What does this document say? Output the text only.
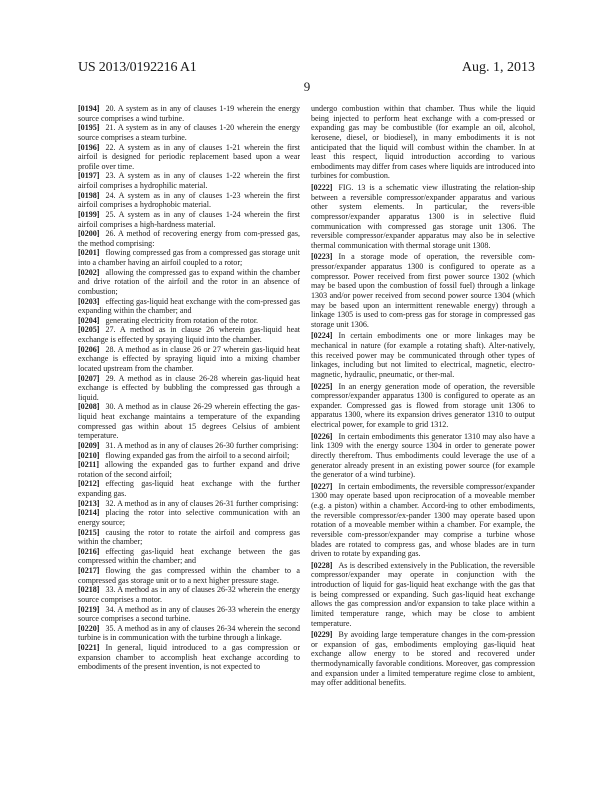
US 2013/0192216 A1	Aug. 1, 2013
9

[0194] 20. A system as in any of clauses 1-19 wherein the energy source comprises a wind turbine.

[0195] 21. A system as in any of clauses 1-20 wherein the energy source comprises a steam turbine.

[0196] 22. A system as in any of clauses 1-21 wherein the first airfoil is designed for periodic replacement based upon a wear profile over time.

[0197] 23. A system as in any of clauses 1-22 wherein the first airfoil comprises a hydrophilic material.

[0198] 24. A system as in any of clauses 1-23 wherein the first airfoil comprises a hydrophobic material.

[0199] 25. A system as in any of clauses 1-24 wherein the first airfoil comprises a high-hardness material.

[0200] 26. A method of recovering energy from com-pressed gas, the method comprising:

[0201] flowing compressed gas from a compressed gas storage unit into a chamber having an airfoil coupled to a rotor;

[0202] allowing the compressed gas to expand within the chamber and drive rotation of the airfoil and the rotor in an absence of combustion;

[0203] effecting gas-liquid heat exchange with the com-pressed gas expanding within the chamber; and

[0204] generating electricity from rotation of the rotor.

[0205] 27. A method as in clause 26 wherein gas-liquid heat exchange is effected by spraying liquid into the chamber.

[0206] 28. A method as in clause 26 or 27 wherein gas-liquid heat exchange is effected by spraying liquid into a mixing chamber located upstream from the chamber.

[0207] 29. A method as in clause 26-28 wherein gas-liquid heat exchange is effected by bubbling the compressed gas through a liquid.

[0208] 30. A method as in clause 26-29 wherein effecting the gas-liquid heat exchange maintains a temperature of the expanding compressed gas within about 15 degrees Celsius of ambient temperature.

[0209] 31. A method as in any of clauses 26-30 further comprising:

[0210] flowing expanded gas from the airfoil to a second airfoil;

[0211] allowing the expanded gas to further expand and drive rotation of the second airfoil;

[0212] effecting gas-liquid heat exchange with the further expanding gas.

[0213] 32. A method as in any of clauses 26-31 further comprising:

[0214] placing the rotor into selective communication with an energy source;

[0215] causing the rotor to rotate the airfoil and compress gas within the chamber;

[0216] effecting gas-liquid heat exchange between the gas compressed within the chamber; and

[0217] flowing the gas compressed within the chamber to a compressed gas storage unit or to a next higher pressure stage.

[0218] 33. A method as in any of clauses 26-32 wherein the energy source comprises a motor.

[0219] 34. A method as in any of clauses 26-33 wherein the energy source comprises a second turbine.

[0220] 35. A method as in any of clauses 26-34 wherein the second turbine is in communication with the turbine through a linkage.

[0221] In general, liquid introduced to a gas compression or expansion chamber to accomplish heat exchange according to embodiments of the present invention, is not expected to

undergo combustion within that chamber. Thus while the liquid being injected to perform heat exchange with a com-pressed or expanding gas may be combustible (for example an oil, alcohol, kerosene, diesel, or biodiesel), in many embodiments it is not anticipated that the liquid will combust within the chamber. In at least this respect, liquid introduction according to various embodiments may differ from cases where liquids are introduced into turbines for combustion.

[0222] FIG. 13 is a schematic view illustrating the relation-ship between a reversible compressor/expander apparatus and various other system elements. In particular, the revers-ible compressor/expander apparatus 1300 is in selective fluid communication with compressed gas storage unit 1306. The reversible compressor/expander apparatus may also be in selective thermal communication with thermal storage unit 1308.

[0223] In a storage mode of operation, the reversible com-pressor/expander apparatus 1300 is configured to operate as a compressor. Power received from first power source 1302 (which may be based upon the combustion of fossil fuel) through a linkage 1303 and/or power received from second power source 1304 (which may be based upon an intermittent renewable energy) through a linkage 1305 is used to com-press gas for storage in compressed gas storage unit 1306.

[0224] In certain embodiments one or more linkages may be mechanical in nature (for example a rotating shaft). Alter-natively, this received power may be communicated through other types of linkages, including but not limited to electrical, magnetic, electro-magnetic, hydraulic, pneumatic, or ther-mal.

[0225] In an energy generation mode of operation, the reversible compressor/expander apparatus 1300 is configured to operate as an expander. Compressed gas is flowed from storage unit 1306 to apparatus 1300, where its expansion drives generator 1310 to output electrical power, for example to grid 1312.

[0226] In certain embodiments this generator 1310 may also have a link 1309 with the energy source 1304 in order to generate power directly therefrom. Thus embodiments could leverage the use of a generator already present in an existing power source (for example the generator of a wind turbine).

[0227] In certain embodiments, the reversible compressor/expander 1300 may operate based upon reciprocation of a moveable member (e.g. a piston) within a chamber. Accord-ing to other embodiments, the reversible compressor/ex-pander 1300 may operate based upon rotation of a moveable member within a chamber. For example, the reversible com-pressor/expander may comprise a turbine whose blades are rotated to compress gas, and whose blades are in turn driven to rotate by expanding gas.

[0228] As is described extensively in the Publication, the reversible compressor/expander may operate in conjunction with the introduction of liquid for gas-liquid heat exchange with the gas that is being compressed or expanding. Such gas-liquid heat exchange allows the gas compression and/or expansion to take place within a limited temperature range, which may be close to ambient temperature.

[0229] By avoiding large temperature changes in the com-pression or expansion of gas, embodiments employing gas-liquid heat exchange allow energy to be stored and recovered under thermodynamically favorable conditions. Moreover, gas compression and expansion under a limited temperature regime close to ambient, may offer additional benefits.
